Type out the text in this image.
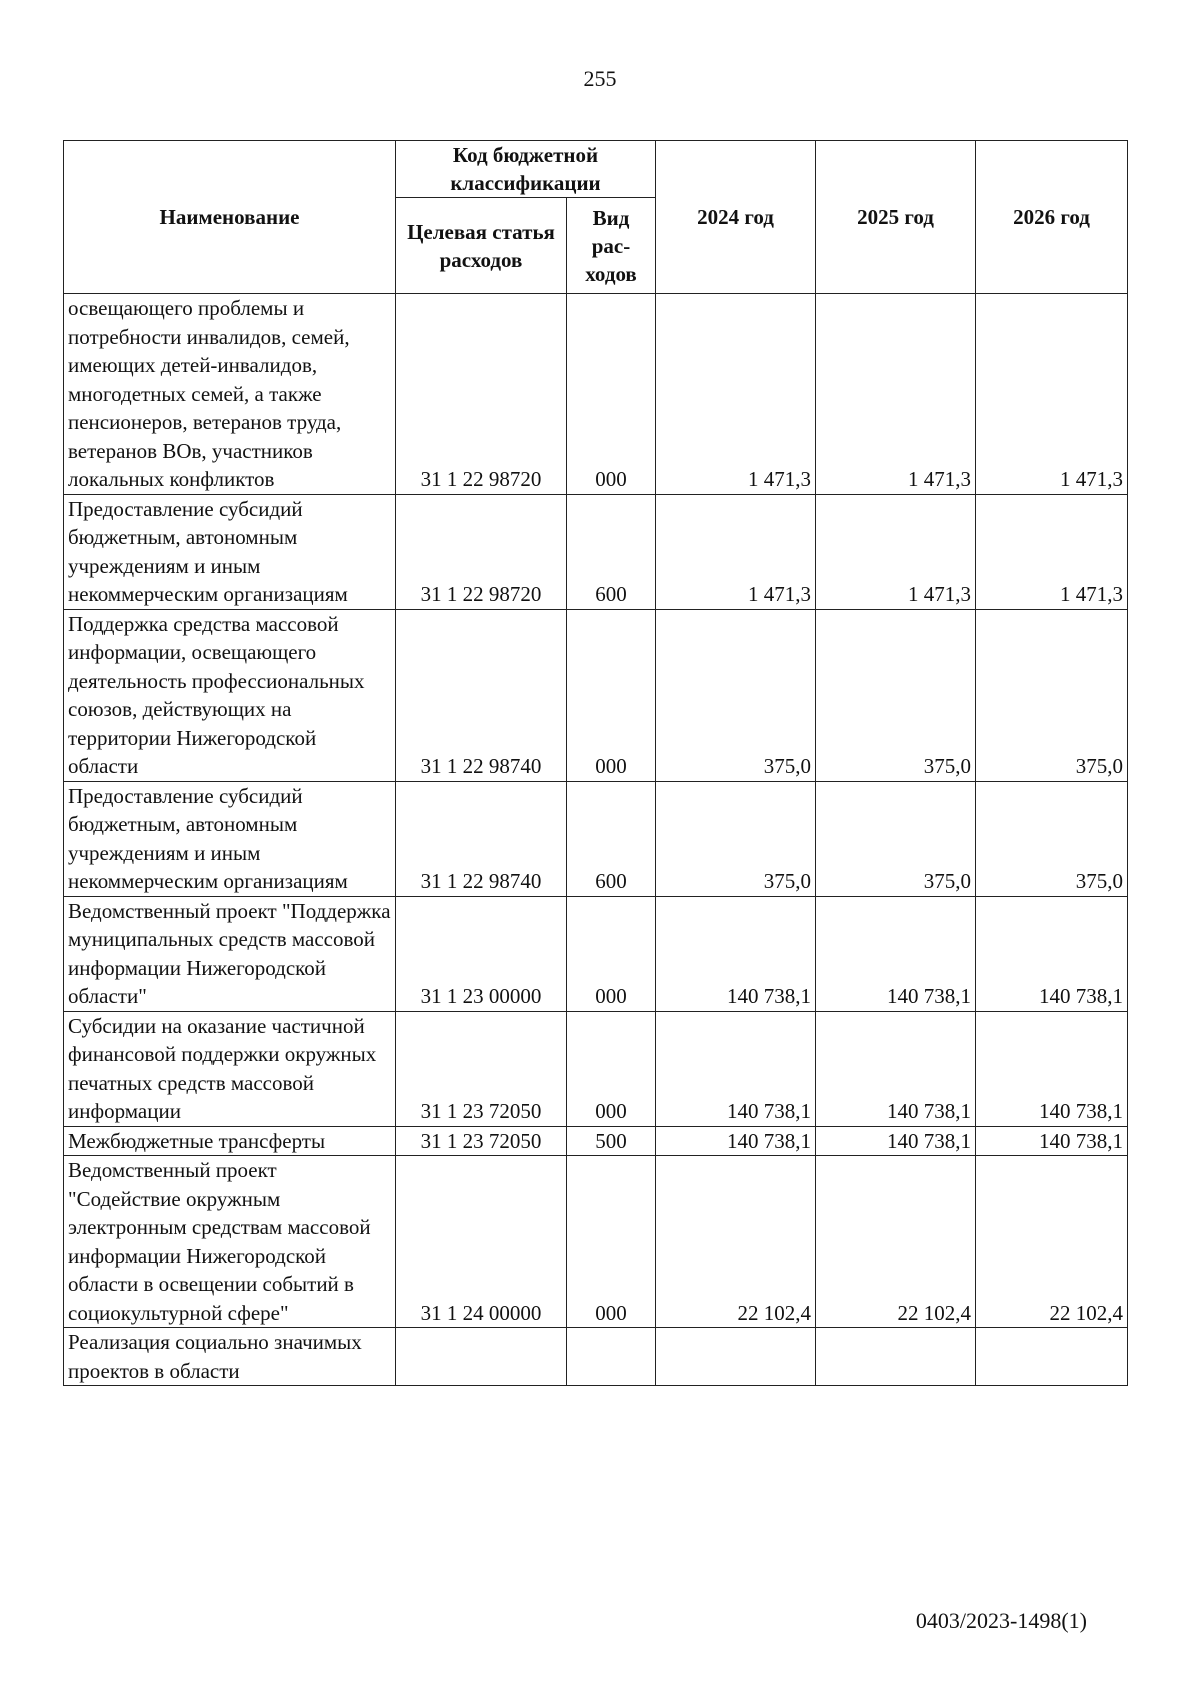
255
Наименование	Код бюджетной классификации		2024 год	2025 год	2026 год
	Целевая статья расходов	Вид рас-ходов			
освещающего проблемы и потребности инвалидов, семей, имеющих детей-инвалидов, многодетных семей, а также пенсионеров, ветеранов труда, ветеранов ВОв, участников локальных конфликтов	31 1 22 98720	000	1 471,3	1 471,3	1 471,3
Предоставление субсидий бюджетным, автономным учреждениям и иным некоммерческим организациям	31 1 22 98720	600	1 471,3	1 471,3	1 471,3
Поддержка средства массовой информации, освещающего деятельность профессиональных союзов, действующих на территории Нижегородской области	31 1 22 98740	000	375,0	375,0	375,0
Предоставление субсидий бюджетным, автономным учреждениям и иным некоммерческим организациям	31 1 22 98740	600	375,0	375,0	375,0
Ведомственный проект "Поддержка муниципальных средств массовой информации Нижегородской области"	31 1 23 00000	000	140 738,1	140 738,1	140 738,1
Субсидии на оказание частичной финансовой поддержки окружных печатных средств массовой информации	31 1 23 72050	000	140 738,1	140 738,1	140 738,1
Межбюджетные трансферты	31 1 23 72050	500	140 738,1	140 738,1	140 738,1
Ведомственный проект "Содействие окружным электронным средствам массовой информации Нижегородской области в освещении событий в социокультурной сфере"	31 1 24 00000	000	22 102,4	22 102,4	22 102,4
Реализация социально значимых проектов в области					
0403/2023-1498(1)
